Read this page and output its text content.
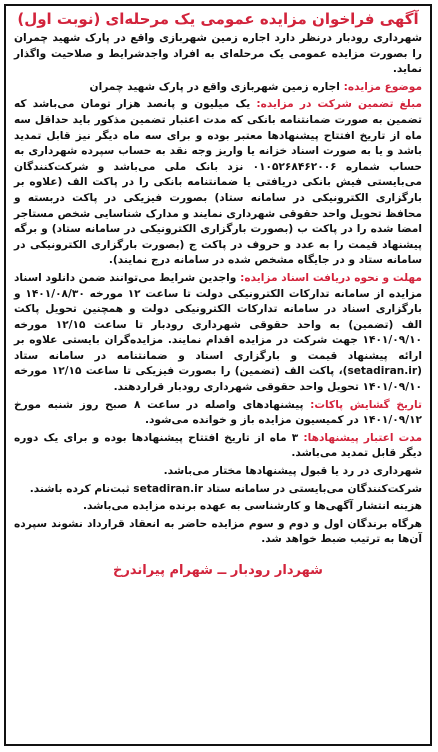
آگهی فراخوان مزایده عمومی یک مرحله‌ای (نوبت اول)

شهرداری رودبار درنظر دارد اجاره زمین شهربازی واقع در پارک شهید چمران را بصورت مزایده عمومی یک مرحله‌ای به افراد واجدشرایط و صلاحیت واگذار نماید.

موضوع مزایده: اجاره زمین شهربازی واقع در پارک شهید چمران

مبلغ تضمین شرکت در مزایده: یک میلیون و پانصد هزار تومان می‌باشد که تضمین به صورت ضمانتنامه بانکی که مدت اعتبار تضمین مذکور باید حداقل سه ماه از تاریخ افتتاح پیشنهادها معتبر بوده و برای سه ماه دیگر نیز قابل تمدید باشد و یا به صورت اسناد خزانه یا واریز وجه نقد به حساب سپرده شهرداری به حساب شماره ۰۱۰۵۲۶۸۴۶۲۰۰۶ نزد بانک ملی می‌باشد و شرکت‌کنندگان می‌بایستی فیش بانکی دریافتی یا ضمانتنامه بانکی را در پاکت الف (علاوه بر بارگزاری الکترونیکی در سامانه ستاد) بصورت فیزیکی در پاکت دربسته و محافظ تحویل واحد حقوقی شهرداری نمایند و مدارک شناسایی شخص مستاجر امضا شده را در پاکت ب (بصورت بارگزاری الکترونیکی در سامانه ستاد) و برگه پیشنهاد قیمت را به عدد و حروف در پاکت ج (بصورت بارگزاری الکترونیکی در سامانه ستاد و در جایگاه مشخص شده در سامانه درج نمایند).

مهلت و نحوه دریافت اسناد مزایده: واجدین شرایط می‌توانند ضمن دانلود اسناد مزایده از سامانه تدارکات الکترونیکی دولت تا ساعت ۱۲ مورخه ۱۴۰۱/۰۸/۳۰ و بارگزاری اسناد در سامانه تدارکات الکترونیکی دولت و همچنین تحویل پاکت الف (تضمین) به واحد حقوقی شهرداری رودبار تا ساعت ۱۲/۱۵ مورخه ۱۴۰۱/۰۹/۱۰ جهت شرکت در مزایده اقدام نمایند. مزایده‌گران بایستی علاوه بر ارائه پیشنهاد قیمت و بارگزاری اسناد و ضمانتنامه در سامانه ستاد (setadiran.ir)، پاکت الف (تضمین) را بصورت فیزیکی تا ساعت ۱۲/۱۵ مورخه ۱۴۰۱/۰۹/۱۰ تحویل واحد حقوقی شهرداری رودبار قراردهند.

تاریخ گشایش پاکات: پیشنهادهای واصله در ساعت ۸ صبح روز شنبه مورخ ۱۴۰۱/۰۹/۱۲ در کمیسیون مزایده باز و خوانده می‌شود.

مدت اعتبار پیشنهادها: ۳ ماه از تاریخ افتتاح پیشنهادها بوده و برای یک دوره دیگر قابل تمدید می‌باشد.

شهرداری در رد یا قبول پیشنهادها مختار می‌باشد.

شرکت‌کنندگان می‌بایستی در سامانه ستاد setadiran.ir ثبت‌نام کرده باشند.

هزینه انتشار آگهی‌ها و کارشناسی به عهده برنده مزایده می‌باشد.

هرگاه برندگان اول و دوم و سوم مزایده حاضر به انعقاد قرارداد نشوند سپرده آن‌ها به ترتیب ضبط خواهد شد.

شهردار رودبار ــ شهرام پیراندرخ
